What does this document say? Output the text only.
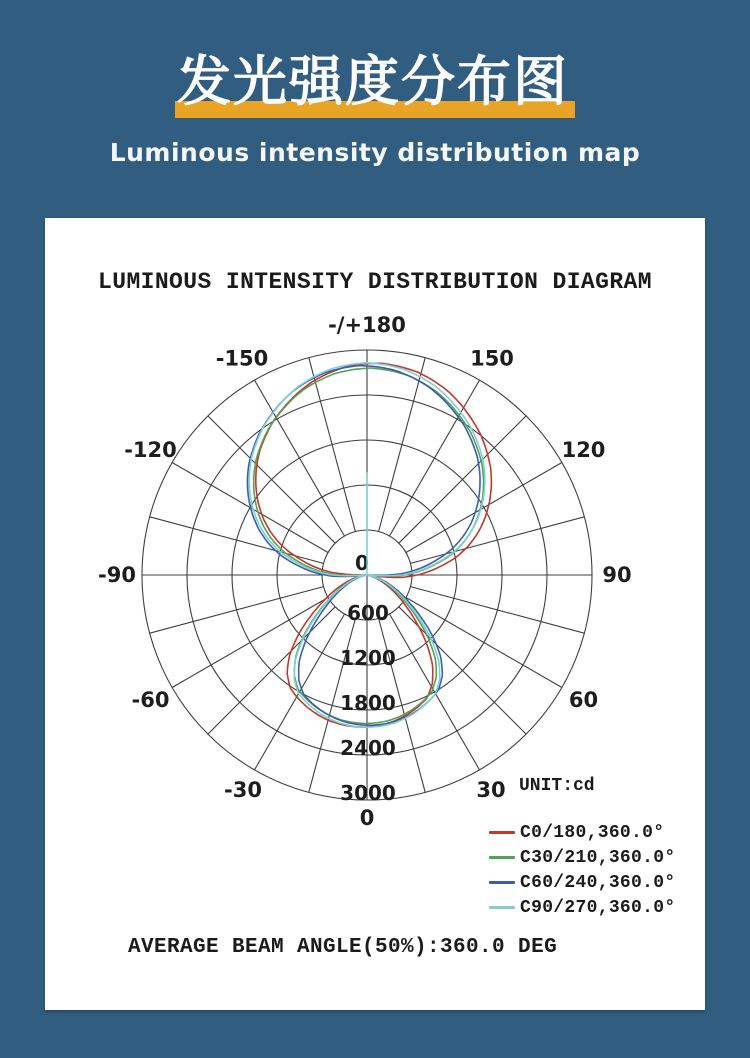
发光强度分布图
Luminous intensity distribution map
LUMINOUS INTENSITY DISTRIBUTION DIAGRAM
600
1200
1800
2400
3000
0
0
30
60
90
120
150
-/+180
-150
-120
-90
-60
-30	UNIT:cd
C0/180,360.0°
C30/210,360.0°
C60/240,360.0°
C90/270,360.0°
AVERAGE BEAM ANGLE(50%):360.0 DEG
